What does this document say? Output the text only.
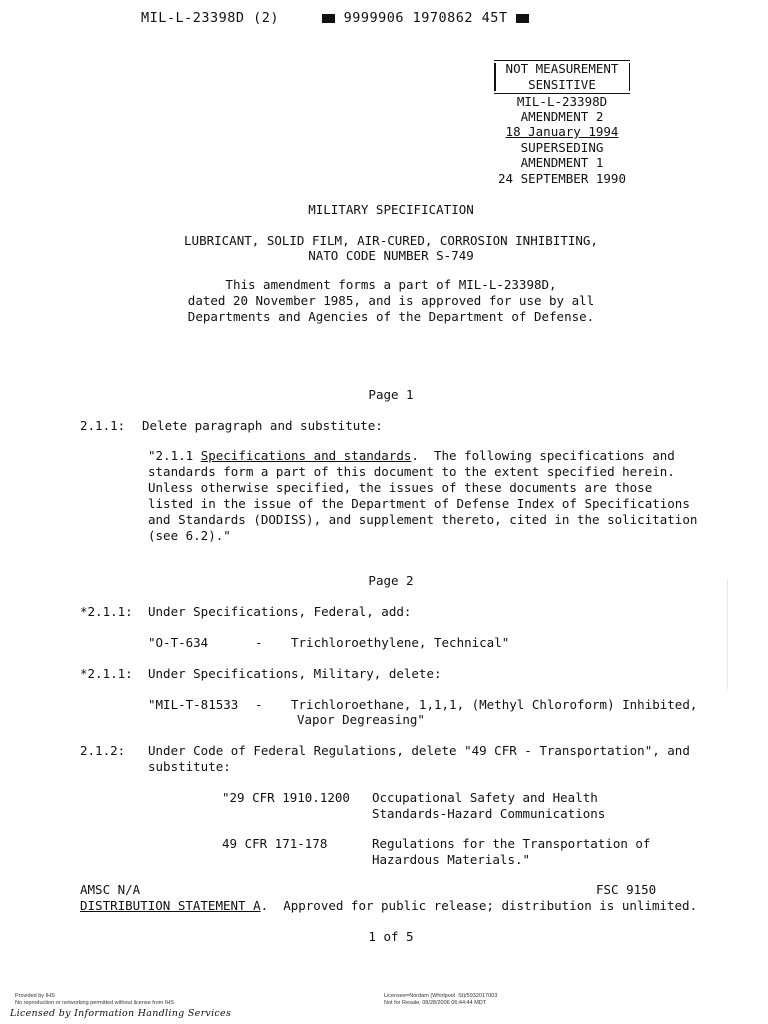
MIL-L-23398D (2)	9999906 1970862 45T
NOT MEASUREMENT
SENSITIVE
MIL-L-23398D
AMENDMENT 2
18 January 1994
SUPERSEDING
AMENDMENT 1
24 SEPTEMBER 1990
MILITARY SPECIFICATION
LUBRICANT, SOLID FILM, AIR-CURED, CORROSION INHIBITING,
NATO CODE NUMBER S-749
This amendment forms a part of MIL-L-23398D,
dated 20 November 1985, and is approved for use by all
Departments and Agencies of the Department of Defense.
Page 1
2.1.1: Delete paragraph and substitute:
"2.1.1 Specifications and standards.  The following specifications and
standards form a part of this document to the extent specified herein.
Unless otherwise specified, the issues of these documents are those
listed in the issue of the Department of Defense Index of Specifications
and Standards (DODISS), and supplement thereto, cited in the solicitation
(see 6.2)."
Page 2
*2.1.1: Under Specifications, Federal, add:
"O-T-634	- Trichloroethylene, Technical"
*2.1.1: Under Specifications, Military, delete:
"MIL-T-81533 - Trichloroethane, 1,1,1, (Methyl Chloroform) Inhibited,
Vapor Degreasing"
2.1.2: Under Code of Federal Regulations, delete "49 CFR - Transportation", and
substitute:
"29 CFR 1910.1200 Occupational Safety and Health
Standards-Hazard Communications
49 CFR 171-178	Regulations for the Transportation of
Hazardous Materials."
AMSC N/A	FSC 9150
DISTRIBUTION STATEMENT A.  Approved for public release; distribution is unlimited.
1 of 5
Provided by IHS
No reproduction or networking permitted without license from IHS
Licensee=Nordam (Whirlpool  St)/5932017003
Not for Resale, 08/28/2006 06:44:44 MDT
Licensed by Information Handling Services
